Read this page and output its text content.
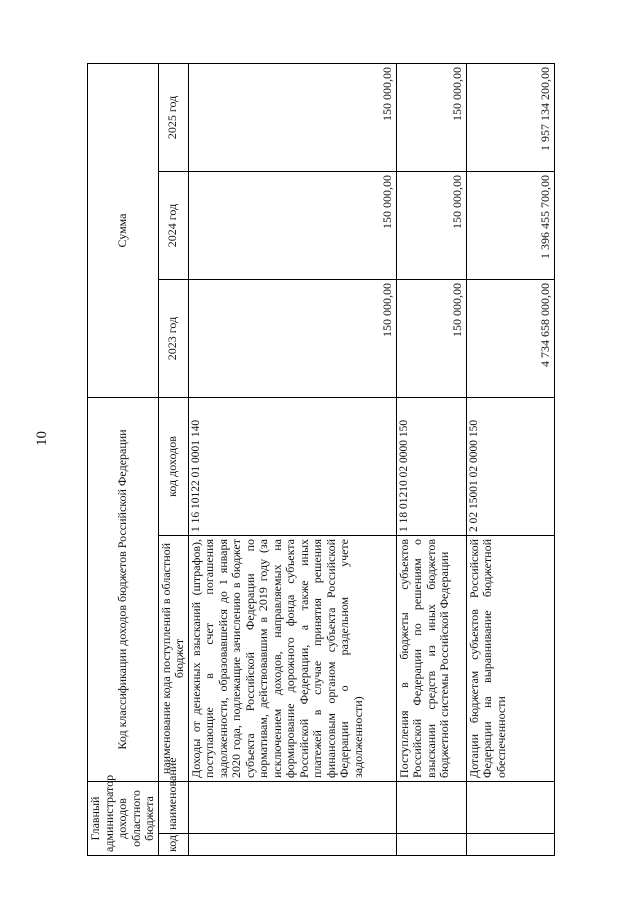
10
Главный администратор доходов областного бюджета		Код классификации доходов бюджетов Российской Федерации		Сумма		
код	наименование	наименование кода поступлений в областной бюджет	код доходов	2023 год	2024 год	2025 год
		Доходы от денежных взысканий (штрафов), поступающие в счет погашения задолженности, образовавшейся до 1 января 2020 года, подлежащие зачислению в бюджет субъекта Российской Федерации по нормативам, действовавшим в 2019 году (за исключением доходов, направляемых на формирование дорожного фонда субъекта Российской Федерации, а также иных платежей в случае принятия решения финансовым органом субъекта Российской Федерации о раздельном учете задолженности)	1 16 10122 01 0001 140	150 000,00	150 000,00	150 000,00
		Поступления в бюджеты субъектов Российской Федерации по решениям о взыскании средств из иных бюджетов бюджетной системы Российской Федерации	1 18 01210 02 0000 150	150 000,00	150 000,00	150 000,00
		Дотации бюджетам субъектов Российской Федерации на выравнивание бюджетной обеспеченности	2 02 15001 02 0000 150	4 734 658 000,00	1 396 455 700,00	1 957 134 200,00
